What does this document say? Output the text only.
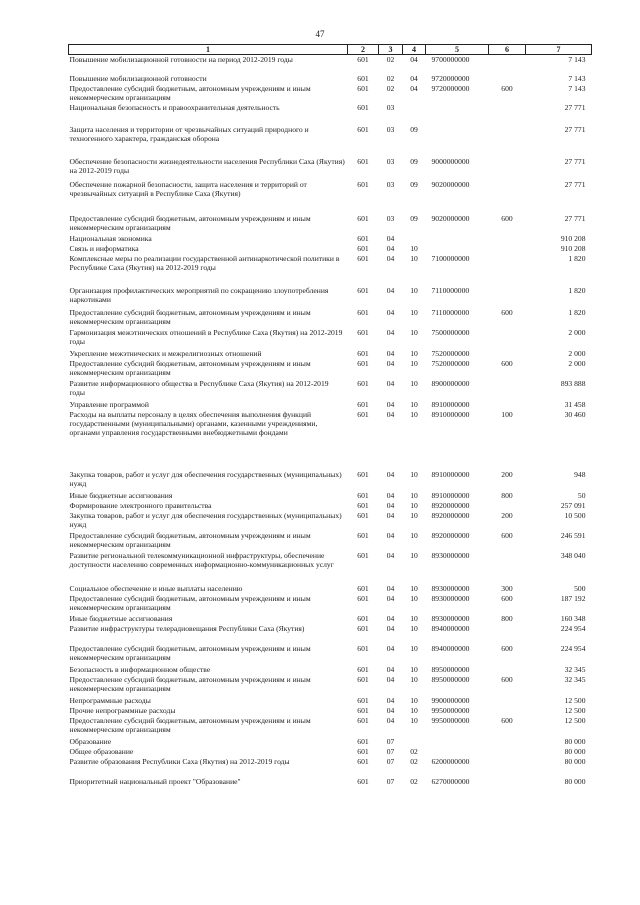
47
1	2	3	4	5	6	7
Повышение мобилизационной готовности на период 2012-2019 годы	601	02	04	9700000000		7 143
Повышение мобилизационной готовности	601	02	04	9720000000		7 143
Предоставление субсидий бюджетным, автономным учреждениям и иным некоммерческим организациям	601	02	04	9720000000	600	7 143
Национальная безопасность и правоохранительная деятельность	601	03				27 771
Защита населения и территории от чрезвычайных ситуаций природного и техногенного характера, гражданская оборона	601	03	09			27 771
Обеспечение безопасности жизнедеятельности населения Республики Саха (Якутия) на 2012-2019 годы	601	03	09	9000000000		27 771
Обеспечение пожарной безопасности, защита населения и территорий от чрезвычайных ситуаций в Республике Саха (Якутия)	601	03	09	9020000000		27 771
Предоставление субсидий бюджетным, автономным учреждениям и иным некоммерческим организациям	601	03	09	9020000000	600	27 771
Национальная экономика	601	04				910 208
Связь и информатика	601	04	10			910 208
Комплексные меры по реализации государственной антинаркотической политики в Республике Саха (Якутия) на 2012-2019 годы	601	04	10	7100000000		1 820
Организация профилактических мероприятий по сокращению злоупотребления наркотиками	601	04	10	7110000000		1 820
Предоставление субсидий бюджетным, автономным учреждениям и иным некоммерческим организациям	601	04	10	7110000000	600	1 820
Гармонизация межэтнических отношений в Республике Саха (Якутия) на 2012-2019 годы	601	04	10	7500000000		2 000
Укрепление межэтнических и межрелигиозных отношений	601	04	10	7520000000		2 000
Предоставление субсидий бюджетным, автономным учреждениям и иным некоммерческим организациям	601	04	10	7520000000	600	2 000
Развитие информационного общества в Республике Саха (Якутия) на 2012-2019 годы	601	04	10	8900000000		893 888
Управление программой	601	04	10	8910000000		31 458
Расходы на выплаты персоналу в целях обеспечения выполнения функций государственными (муниципальными) органами, казенными учреждениями, органами управления государственными внебюджетными фондами	601	04	10	8910000000	100	30 460
Закупка товаров, работ и услуг для обеспечения государственных (муниципальных) нужд	601	04	10	8910000000	200	948
Иные бюджетные ассигнования	601	04	10	8910000000	800	50
Формирование электронного правительства	601	04	10	8920000000		257 091
Закупка товаров, работ и услуг для обеспечения государственных (муниципальных) нужд	601	04	10	8920000000	200	10 500
Предоставление субсидий бюджетным, автономным учреждениям и иным некоммерческим организациям	601	04	10	8920000000	600	246 591
Развитие региональной телекоммуникационной инфраструктуры, обеспечение доступности населению современных информационно-коммуникационных услуг	601	04	10	8930000000		348 040
Социальное обеспечение и иные выплаты населению	601	04	10	8930000000	300	500
Предоставление субсидий бюджетным, автономным учреждениям и иным некоммерческим организациям	601	04	10	8930000000	600	187 192
Иные бюджетные ассигнования	601	04	10	8930000000	800	160 348
Развитие инфраструктуры телерадиовещания Республики Саха (Якутия)	601	04	10	8940000000		224 954
Предоставление субсидий бюджетным, автономным учреждениям и иным некоммерческим организациям	601	04	10	8940000000	600	224 954
Безопасность в информационном обществе	601	04	10	8950000000		32 345
Предоставление субсидий бюджетным, автономным учреждениям и иным некоммерческим организациям	601	04	10	8950000000	600	32 345
Непрограммные расходы	601	04	10	9900000000		12 500
Прочие непрограммные расходы	601	04	10	9950000000		12 500
Предоставление субсидий бюджетным, автономным учреждениям и иным некоммерческим организациям	601	04	10	9950000000	600	12 500
Образование	601	07				80 000
Общее образование	601	07	02			80 000
Развитие образования Республики Саха (Якутия) на 2012-2019 годы	601	07	02	6200000000		80 000
Приоритетный национальный проект "Образование"	601	07	02	6270000000		80 000
